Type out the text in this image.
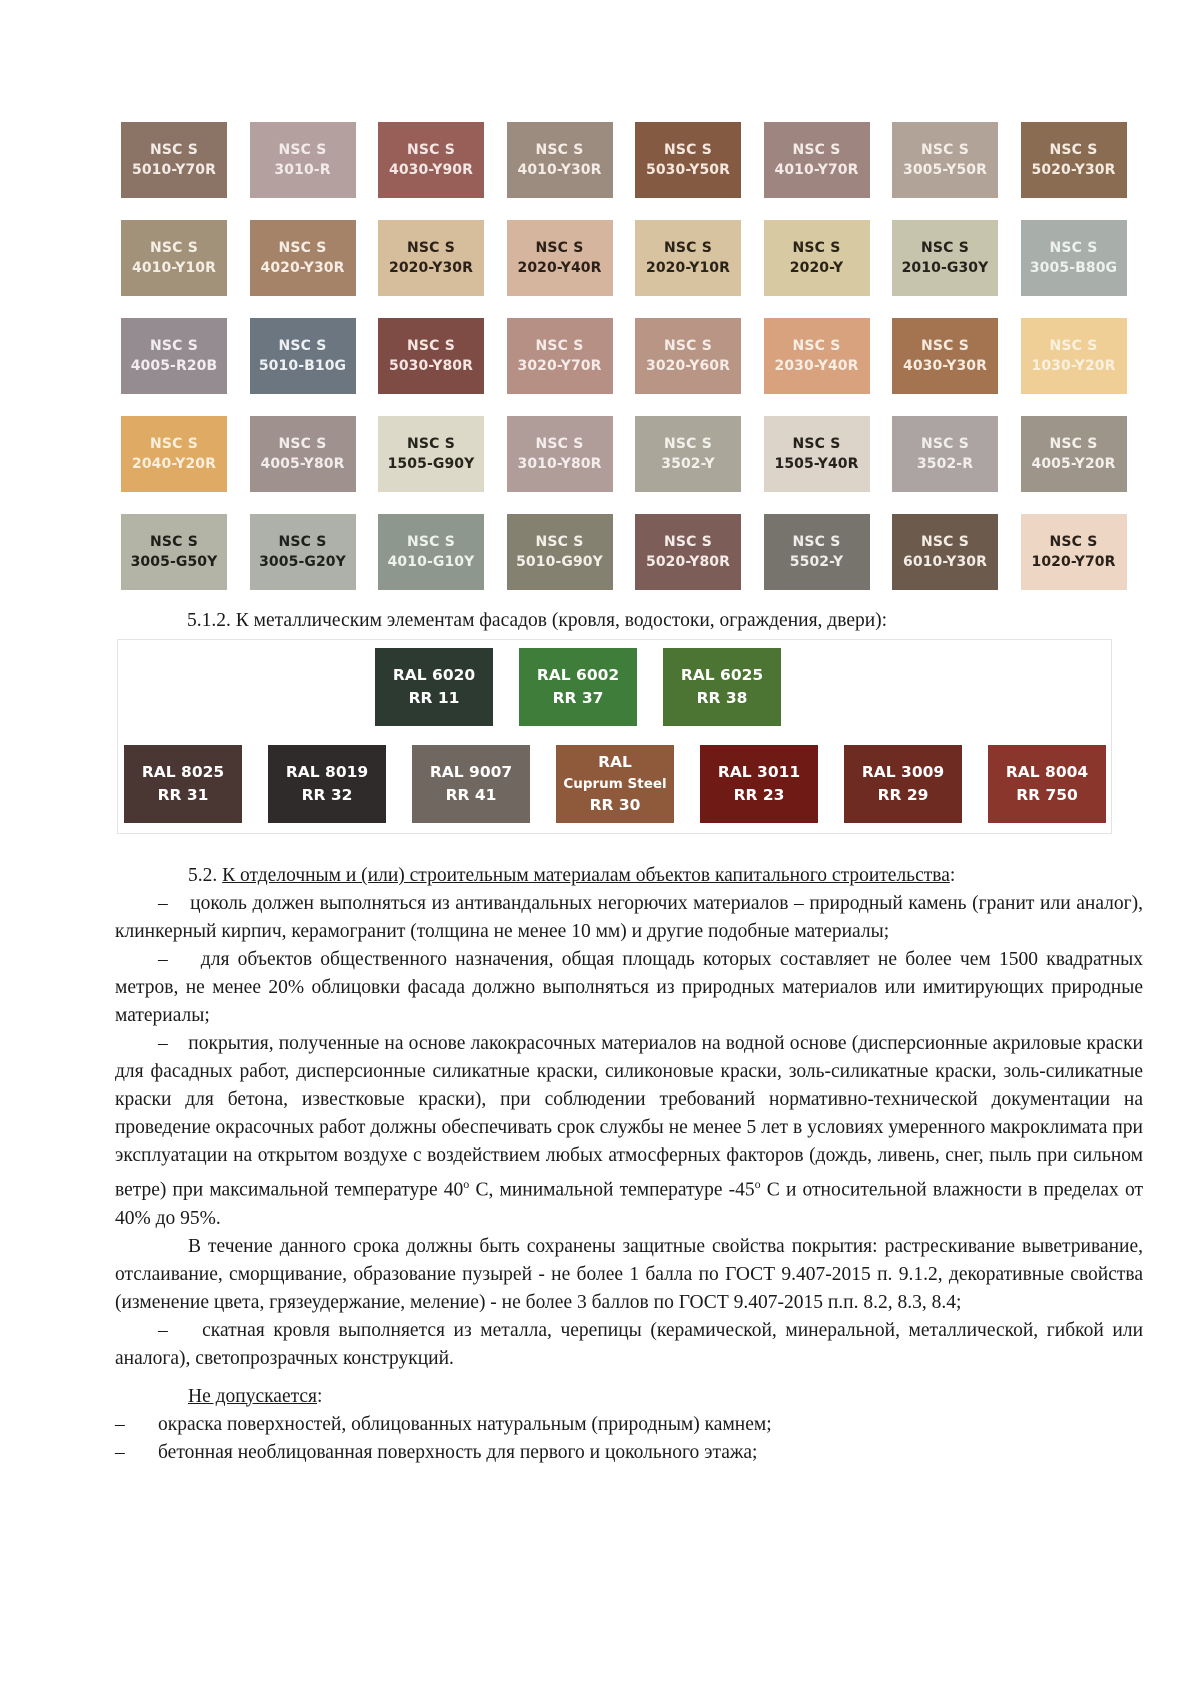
NSC S
5010-Y70R
NSC S
3010-R
NSC S
4030-Y90R
NSC S
4010-Y30R
NSC S
5030-Y50R
NSC S
4010-Y70R
NSC S
3005-Y50R
NSC S
5020-Y30R
NSC S
4010-Y10R
NSC S
4020-Y30R
NSC S
2020-Y30R
NSC S
2020-Y40R
NSC S
2020-Y10R
NSC S
2020-Y
NSC S
2010-G30Y
NSC S
3005-B80G
NSC S
4005-R20B
NSC S
5010-B10G
NSC S
5030-Y80R
NSC S
3020-Y70R
NSC S
3020-Y60R
NSC S
2030-Y40R
NSC S
4030-Y30R
NSC S
1030-Y20R
NSC S
2040-Y20R
NSC S
4005-Y80R
NSC S
1505-G90Y
NSC S
3010-Y80R
NSC S
3502-Y
NSC S
1505-Y40R
NSC S
3502-R
NSC S
4005-Y20R
NSC S
3005-G50Y
NSC S
3005-G20Y
NSC S
4010-G10Y
NSC S
5010-G90Y
NSC S
5020-Y80R
NSC S
5502-Y
NSC S
6010-Y30R
NSC S
1020-Y70R
5.1.2. К металлическим элементам фасадов (кровля, водостоки, ограждения, двери):
RAL 6020
RR 11
RAL 6002
RR 37
RAL 6025
RR 38
RAL 8025
RR 31
RAL 8019
RR 32
RAL 9007
RR 41
RAL
Cuprum Steel
RR 30
RAL 3011
RR 23
RAL 3009
RR 29
RAL 8004
RR 750

5.2. К отделочным и (или) строительным материалам объектов капитального строительства:

– цоколь должен выполняться из антивандальных негорючих материалов – природный камень (гранит или аналог), клинкерный кирпич, керамогранит (толщина не менее 10 мм) и другие подобные материалы;

– для объектов общественного назначения, общая площадь которых составляет не более чем 1500 квадратных метров, не менее 20% облицовки фасада должно выполняться из природных материалов или имитирующих природные материалы;

– покрытия, полученные на основе лакокрасочных материалов на водной основе (дисперсионные акриловые краски для фасадных работ, дисперсионные силикатные краски, силиконовые краски, золь-силикатные краски, золь-силикатные краски для бетона, известковые краски), при соблюдении требований нормативно-технической документации на проведение окрасочных работ должны обеспечивать срок службы не менее 5 лет в условиях умеренного макроклимата при эксплуатации на открытом воздухе с воздействием любых атмосферных факторов (дождь, ливень, снег, пыль при сильном ветре) при максимальной температуре 40$^o$ С, минимальной температуре -45$^o$ С и относительной влажности в пределах от 40% до 95%.

В течение данного срока должны быть сохранены защитные свойства покрытия: растрескивание выветривание, отслаивание, сморщивание, образование пузырей - не более 1 балла по ГОСТ 9.407-2015 п. 9.1.2, декоративные свойства (изменение цвета, грязеудержание, меление) - не более 3 баллов по ГОСТ 9.407-2015 п.п. 8.2, 8.3, 8.4;

– скатная кровля выполняется из металла, черепицы (керамической, минеральной, металлической, гибкой или аналога), светопрозрачных конструкций.

Не допускается:

– окраска поверхностей, облицованных натуральным (природным) камнем;

– бетонная необлицованная поверхность для первого и цокольного этажа;
